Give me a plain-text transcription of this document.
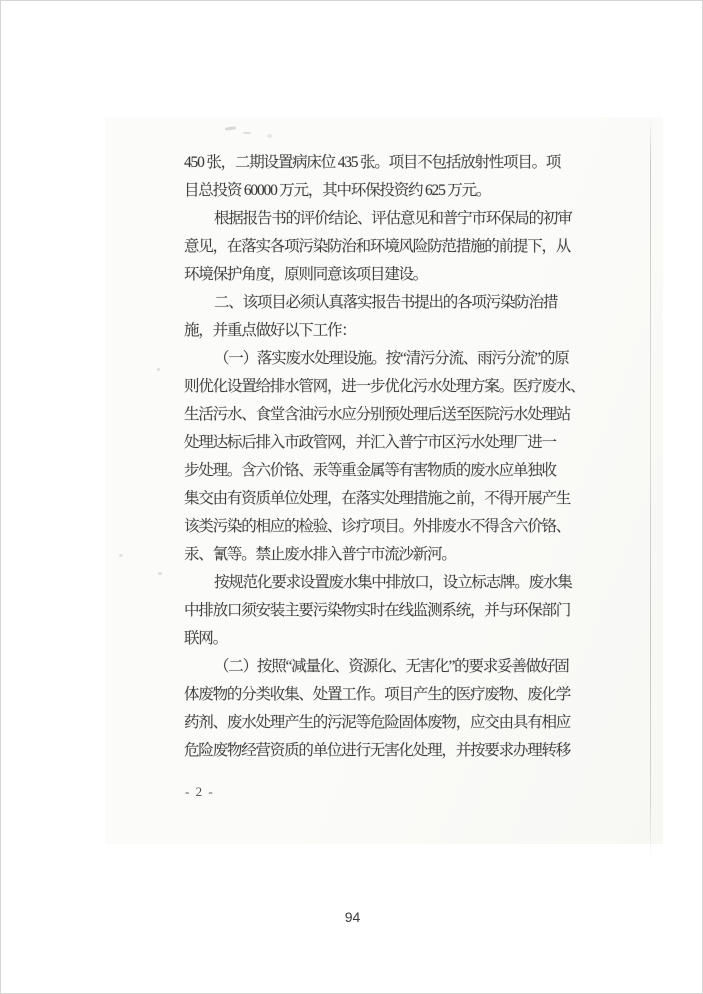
450 张，二期设置病床位 435 张。项目不包括放射性项目。项
目总投资 60000 万元，其中环保投资约 625 万元。
根据报告书的评价结论、评估意见和普宁市环保局的初审
意见，在落实各项污染防治和环境风险防范措施的前提下，从
环境保护角度，原则同意该项目建设。
二、该项目必须认真落实报告书提出的各项污染防治措
施，并重点做好以下工作：
（一）落实废水处理设施。按“清污分流、雨污分流”的原
则优化设置给排水管网，进一步优化污水处理方案。医疗废水、
生活污水、食堂含油污水应分别预处理后送至医院污水处理站
处理达标后排入市政管网，并汇入普宁市区污水处理厂进一
步处理。含六价铬、汞等重金属等有害物质的废水应单独收
集交由有资质单位处理，在落实处理措施之前，不得开展产生
该类污染的相应的检验、诊疗项目。外排废水不得含六价铬、
汞、氰等。禁止废水排入普宁市流沙新河。
按规范化要求设置废水集中排放口，设立标志牌。废水集
中排放口须安装主要污染物实时在线监测系统，并与环保部门
联网。
（二）按照“减量化、资源化、无害化”的要求妥善做好固
体废物的分类收集、处置工作。项目产生的医疗废物、废化学
药剂、废水处理产生的污泥等危险固体废物，应交由具有相应
危险废物经营资质的单位进行无害化处理，并按要求办理转移
- 2 -
94
